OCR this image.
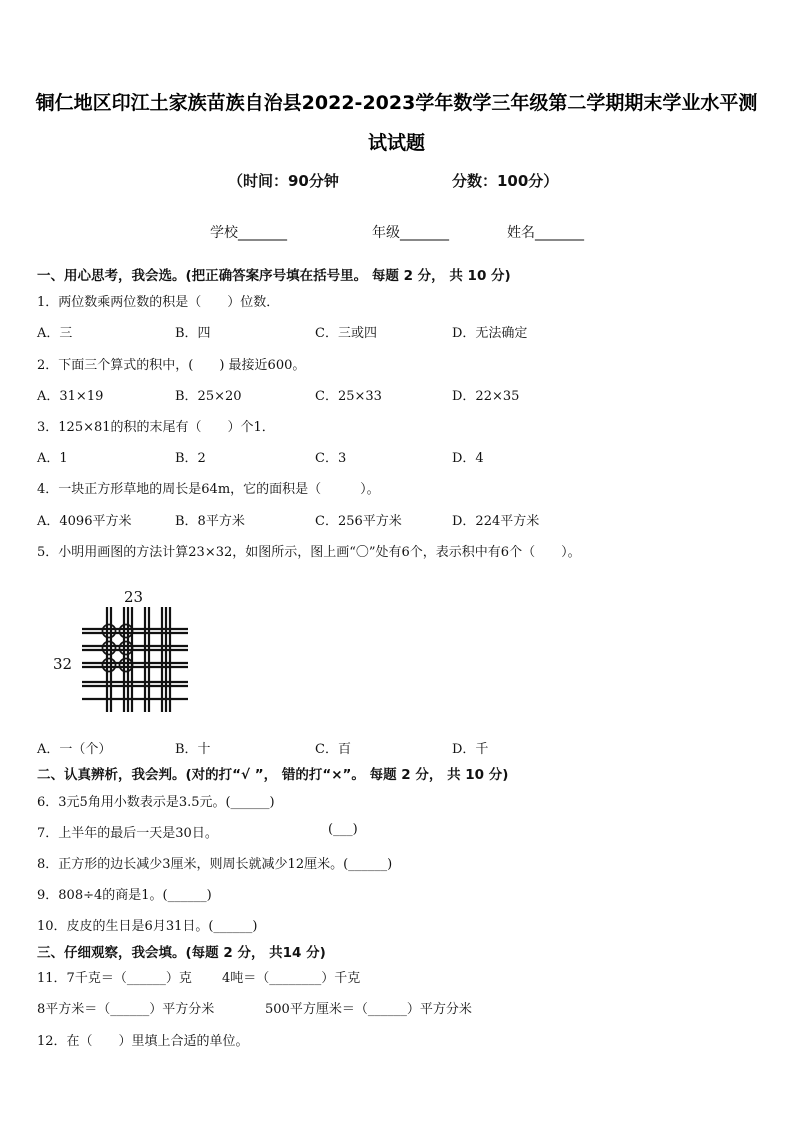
铜仁地区印江土家族苗族自治县2022-2023学年数学三年级第二学期期末学业水平测
试试题
（时间：90分钟	分数：100分）
学校_______	年级_______	姓名_______
一、用心思考，我会选。(把正确答案序号填在括号里。 每题 2 分， 共 10 分)
1．两位数乘两位数的积是（　　）位数．
A．三	B．四	C．三或四	D．无法确定
2．下面三个算式的积中，(　　) 最接近600。
A．31×19	B．25×20	C．25×33	D．22×35
3．125×81的积的末尾有（　　）个1．
A．1	B．2	C．3	D．4
4．一块正方形草地的周长是64m，它的面积是（　　　）。
A．4096平方米	B．8平方米	C．256平方米	D．224平方米
5．小明用画图的方法计算23×32，如图所示，图上画“〇”处有6个，表示积中有6个（　　）。
23
32
A．一（个）	B．十	C．百	D．千
二、认真辨析，我会判。(对的打“√ ”， 错的打“×”。 每题 2 分， 共 10 分)
6．3元5角用小数表示是3.5元。(______)
7．上半年的最后一天是30日。	(___)
8．正方形的边长减少3厘米，则周长就减少12厘米。(______)
9．808÷4的商是1。(______)
10．皮皮的生日是6月31日。(______)
三、仔细观察，我会填。(每题 2 分， 共14 分)
11．7千克＝（______）克 4吨＝（________）千克
8平方米＝（______）平方分米	500平方厘米＝（______）平方分米
12．在（　　）里填上合适的单位。
